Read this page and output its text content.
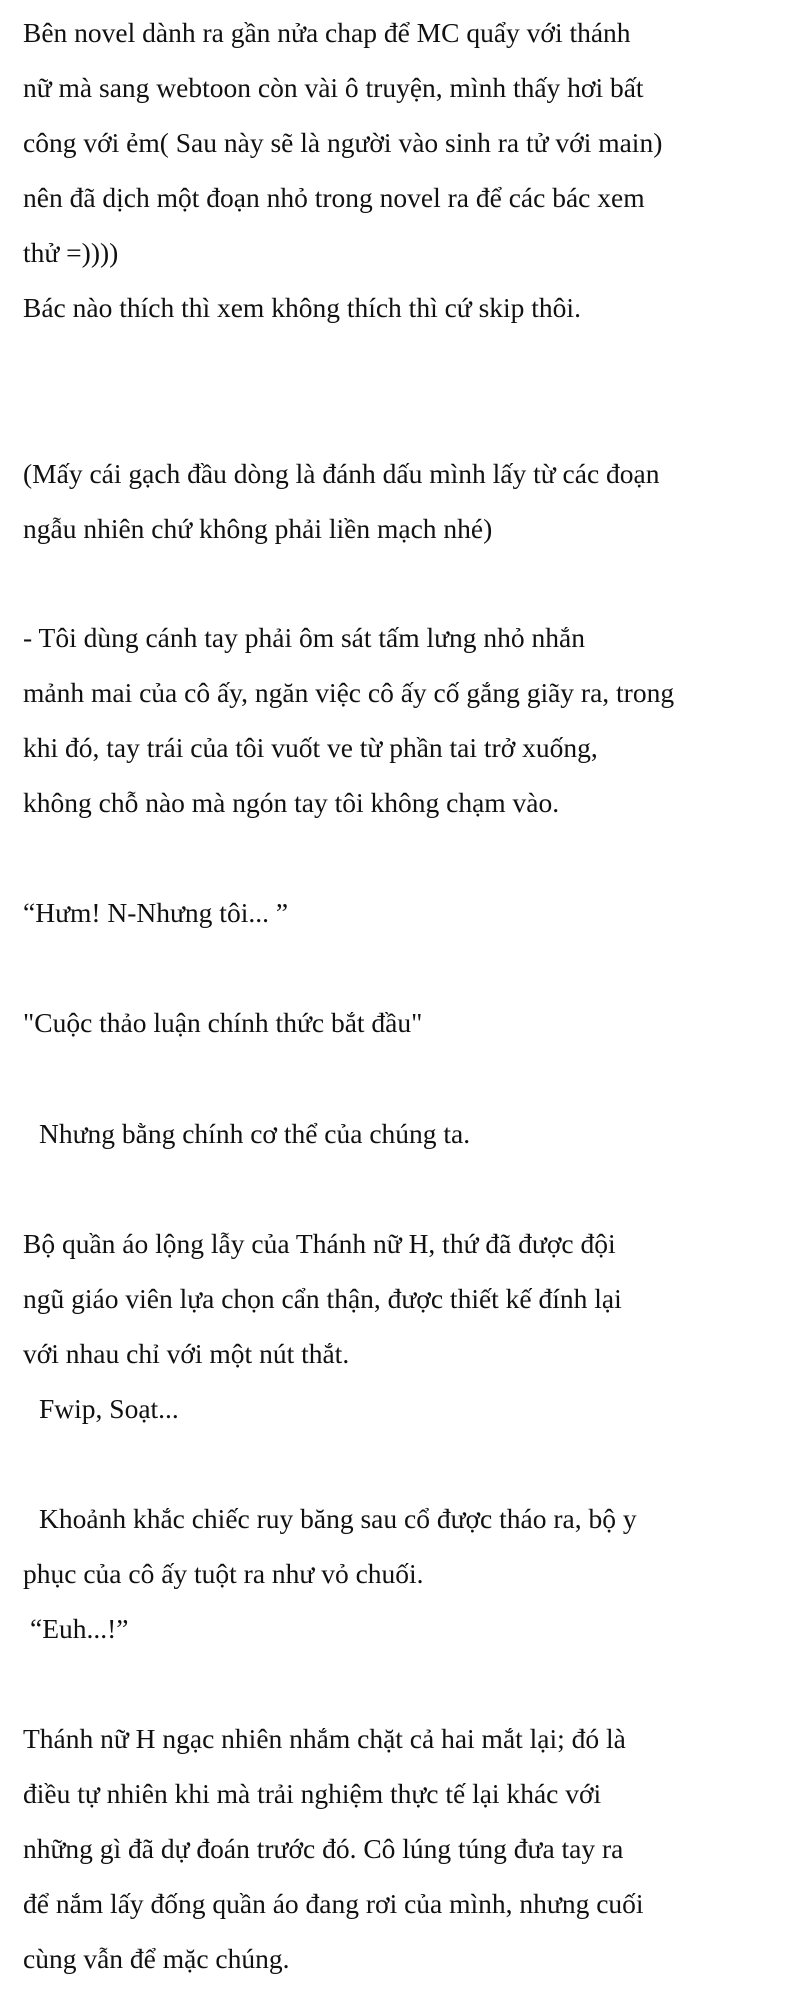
Bên novel dành ra gần nửa chap để MC quẩy với thánh
nữ mà sang webtoon còn vài ô truyện, mình thấy hơi bất
công với ẻm( Sau này sẽ là người vào sinh ra tử với main)
nên đã dịch một đoạn nhỏ trong novel ra để các bác xem
thử =))))
Bác nào thích thì xem không thích thì cứ skip thôi.
(Mấy cái gạch đầu dòng là đánh dấu mình lấy từ các đoạn
ngẫu nhiên chứ không phải liền mạch nhé)
- Tôi dùng cánh tay phải ôm sát tấm lưng nhỏ nhắn
mảnh mai của cô ấy, ngăn việc cô ấy cố gắng giãy ra, trong
khi đó, tay trái của tôi vuốt ve từ phần tai trở xuống,
không chỗ nào mà ngón tay tôi không chạm vào.
“Hưm! N-Nhưng tôi... ”
"Cuộc thảo luận chính thức bắt đầu"
Nhưng bằng chính cơ thể của chúng ta.
Bộ quần áo lộng lẫy của Thánh nữ H, thứ đã được đội
ngũ giáo viên lựa chọn cẩn thận, được thiết kế đính lại
với nhau chỉ với một nút thắt.
Fwip, Soạt...
Khoảnh khắc chiếc ruy băng sau cổ được tháo ra, bộ y
phục của cô ấy tuột ra như vỏ chuối.
“Euh...!”
Thánh nữ H ngạc nhiên nhắm chặt cả hai mắt lại; đó là
điều tự nhiên khi mà trải nghiệm thực tế lại khác với
những gì đã dự đoán trước đó. Cô lúng túng đưa tay ra
để nắm lấy đống quần áo đang rơi của mình, nhưng cuối
cùng vẫn để mặc chúng.
